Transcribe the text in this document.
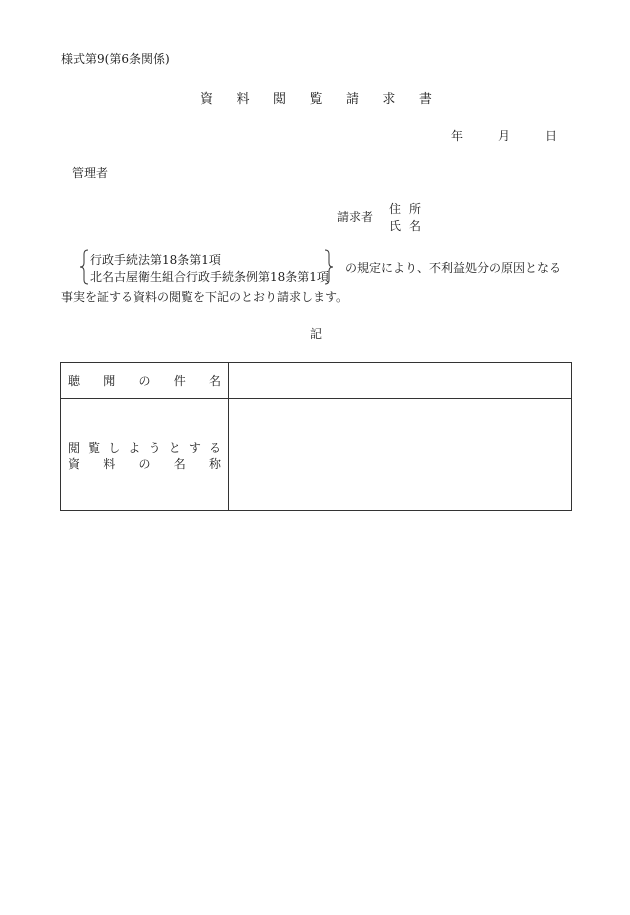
様式第9(第6条関係)
資 料 閲 覧 請 求 書
年	月	日
管理者
請求者
住所
氏名
行政手続法第18条第1項
北名古屋衛生組合行政手続条例第18条第1項
の規定により、不利益処分の原因となる
事実を証する資料の閲覧を下記のとおり請求します。
記
聴 聞 の 件 名
閲 覧 し よ う と す る
資 料 の 名 称
